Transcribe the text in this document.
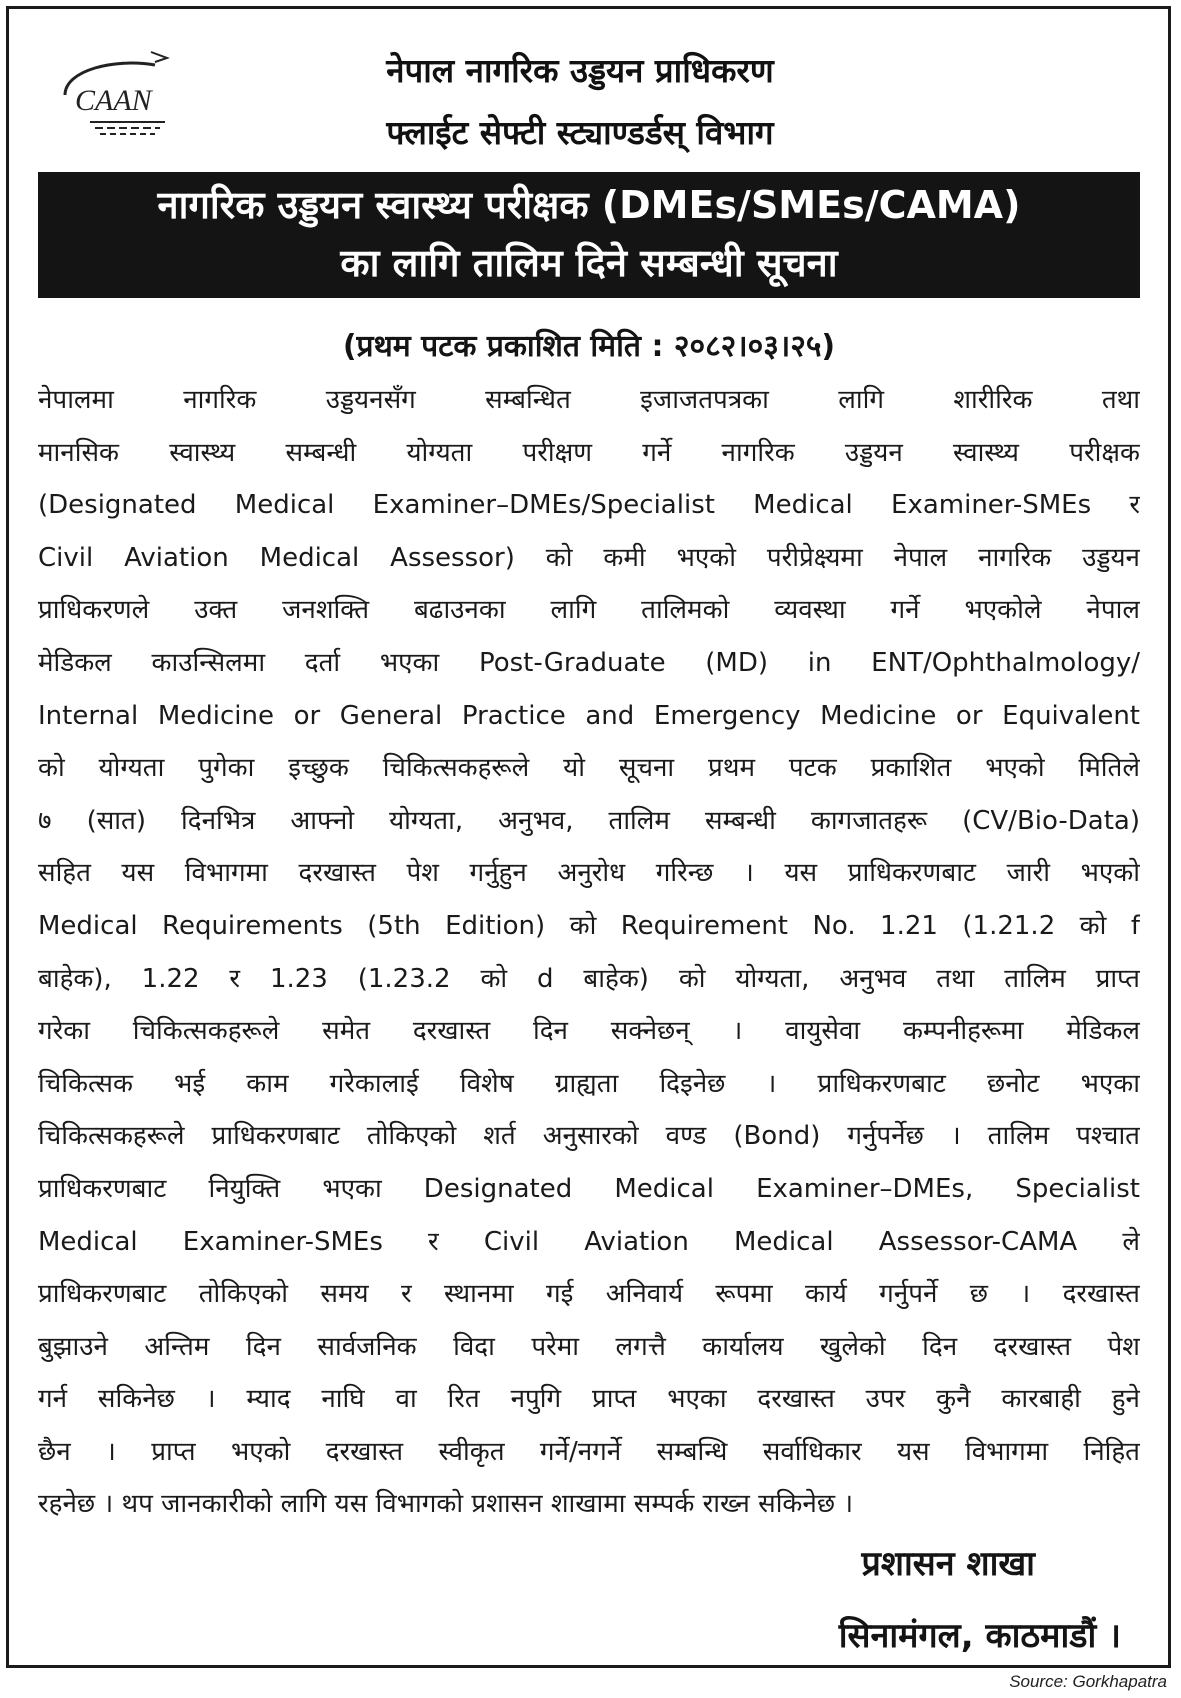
CAAN
नेपाल नागरिक उड्डयन प्राधिकरण
फ्लाईट सेफ्टी स्ट्याण्डर्डस् विभाग
नागरिक उड्डयन स्वास्थ्य परीक्षक (DMEs/SMEs/CAMA)
का लागि तालिम दिने सम्बन्धी सूचना
(प्रथम पटक प्रकाशित मिति : २०८२।०३।२५)
नेपालमा नागरिक उड्डयनसँग सम्बन्धित इजाजतपत्रका लागि शारीरिक तथा
मानसिक स्वास्थ्य सम्बन्धी योग्यता परीक्षण गर्ने नागरिक उड्डयन स्वास्थ्य परीक्षक
(Designated Medical Examiner–DMEs/Specialist Medical Examiner-SMEs र
Civil Aviation Medical Assessor) को कमी भएको परीप्रेक्ष्यमा नेपाल नागरिक उड्डयन
प्राधिकरणले उक्त जनशक्ति बढाउनका लागि तालिमको व्यवस्था गर्ने भएकोले नेपाल
मेडिकल काउन्सिलमा दर्ता भएका Post-Graduate (MD) in ENT/Ophthalmology/
Internal Medicine or General Practice and Emergency Medicine or Equivalent
को योग्यता पुगेका इच्छुक चिकित्सकहरूले यो सूचना प्रथम पटक प्रकाशित भएको मितिले
७ (सात) दिनभित्र आफ्नो योग्यता, अनुभव, तालिम सम्बन्धी कागजातहरू (CV/Bio-Data)
सहित यस विभागमा दरखास्त पेश गर्नुहुन अनुरोध गरिन्छ । यस प्राधिकरणबाट जारी भएको
Medical Requirements (5th Edition) को Requirement No. 1.21 (1.21.2 को f
बाहेक), 1.22 र 1.23 (1.23.2 को d बाहेक) को योग्यता, अनुभव तथा तालिम प्राप्त
गरेका चिकित्सकहरूले समेत दरखास्त दिन सक्नेछन् । वायुसेवा कम्पनीहरूमा मेडिकल
चिकित्सक भई काम गरेकालाई विशेष ग्राह्यता दिइनेछ । प्राधिकरणबाट छनोट भएका
चिकित्सकहरूले प्राधिकरणबाट तोकिएको शर्त अनुसारको वण्ड (Bond) गर्नुपर्नेछ । तालिम पश्चात
प्राधिकरणबाट नियुक्ति भएका Designated Medical Examiner–DMEs, Specialist
Medical Examiner-SMEs र Civil Aviation Medical Assessor-CAMA ले
प्राधिकरणबाट तोकिएको समय र स्थानमा गई अनिवार्य रूपमा कार्य गर्नुपर्ने छ । दरखास्त
बुझाउने अन्तिम दिन सार्वजनिक विदा परेमा लगत्तै कार्यालय खुलेको दिन दरखास्त पेश
गर्न सकिनेछ । म्याद नाघि वा रित नपुगि प्राप्त भएका दरखास्त उपर कुनै कारबाही हुने
छैन । प्राप्त भएको दरखास्त स्वीकृत गर्ने/नगर्ने सम्बन्धि सर्वाधिकार यस विभागमा निहित
रहनेछ । थप जानकारीको लागि यस विभागको प्रशासन शाखामा सम्पर्क राख्न सकिनेछ ।
प्रशासन शाखा
सिनामंगल, काठमाडौं ।
Source: Gorkhapatra
